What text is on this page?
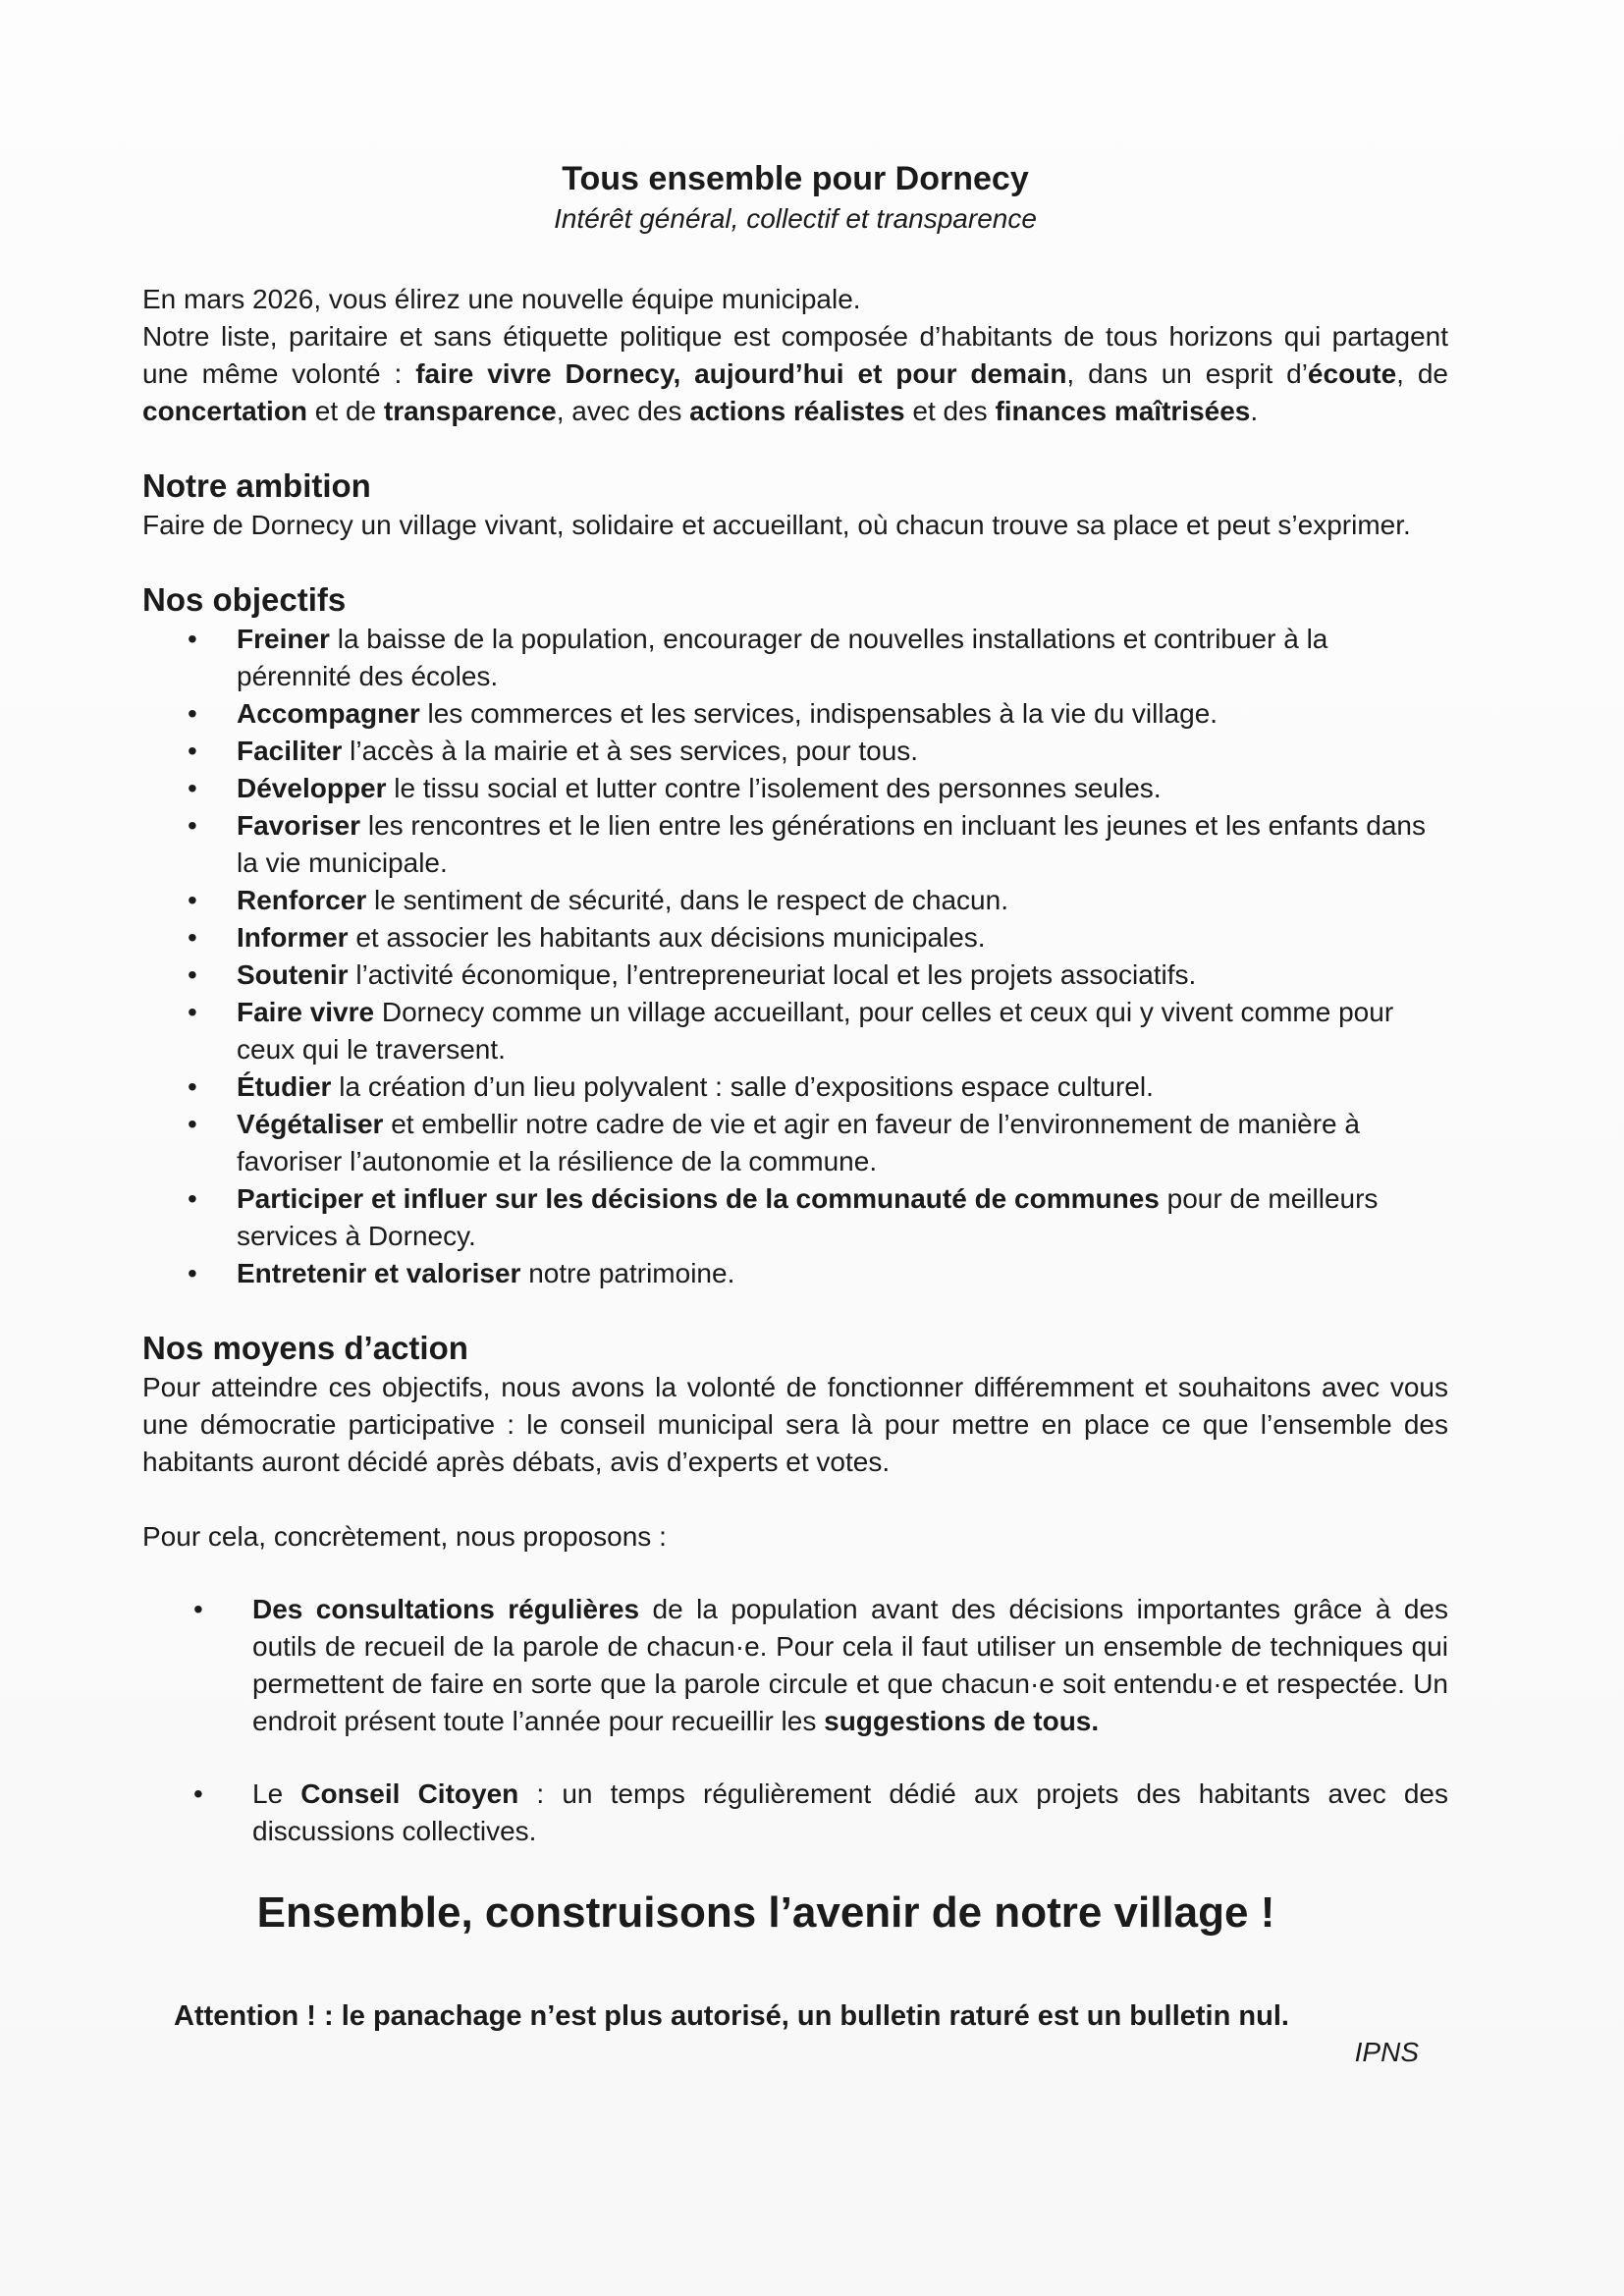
Tous ensemble pour Dornecy

Intérêt général, collectif et transparence

En mars 2026, vous élirez une nouvelle équipe municipale.

Notre liste, paritaire et sans étiquette politique est composée d’habitants de tous horizons qui partagent une même volonté : faire vivre Dornecy, aujourd’hui et pour demain, dans un esprit d’écoute, de concertation et de transparence, avec des actions réalistes et des finances maîtrisées.

Notre ambition

Faire de Dornecy un village vivant, solidaire et accueillant, où chacun trouve sa place et peut s’exprimer.

Nos objectifs
• Freiner la baisse de la population, encourager de nouvelles installations et contribuer à la pérennité des écoles.
• Accompagner les commerces et les services, indispensables à la vie du village.
• Faciliter l’accès à la mairie et à ses services, pour tous.
• Développer le tissu social et lutter contre l’isolement des personnes seules.
• Favoriser les rencontres et le lien entre les générations en incluant les jeunes et les enfants dans la vie municipale.
• Renforcer le sentiment de sécurité, dans le respect de chacun.
• Informer et associer les habitants aux décisions municipales.
• Soutenir l’activité économique, l’entrepreneuriat local et les projets associatifs.
• Faire vivre Dornecy comme un village accueillant, pour celles et ceux qui y vivent comme pour ceux qui le traversent.
• Étudier la création d’un lieu polyvalent : salle d’expositions espace culturel.
• Végétaliser et embellir notre cadre de vie et agir en faveur de l’environnement de manière à favoriser l’autonomie et la résilience de la commune.
• Participer et influer sur les décisions de la communauté de communes pour de meilleurs services à Dornecy.
• Entretenir et valoriser notre patrimoine.
Nos moyens d’action

Pour atteindre ces objectifs, nous avons la volonté de fonctionner différemment et souhaitons avec vous une démocratie participative : le conseil municipal sera là pour mettre en place ce que l’ensemble des habitants auront décidé après débats, avis d’experts et votes.

Pour cela, concrètement, nous proposons :

• Des consultations régulières de la population avant des décisions importantes grâce à des outils de recueil de la parole de chacun·e. Pour cela il faut utiliser un ensemble de techniques qui permettent de faire en sorte que la parole circule et que chacun·e soit entendu·e et respectée. Un endroit présent toute l’année pour recueillir les suggestions de tous.
• Le Conseil Citoyen : un temps régulièrement dédié aux projets des habitants avec des discussions collectives.

Ensemble, construisons l’avenir de notre village !

Attention ! : le panachage n’est plus autorisé, un bulletin raturé est un bulletin nul.

IPNS
